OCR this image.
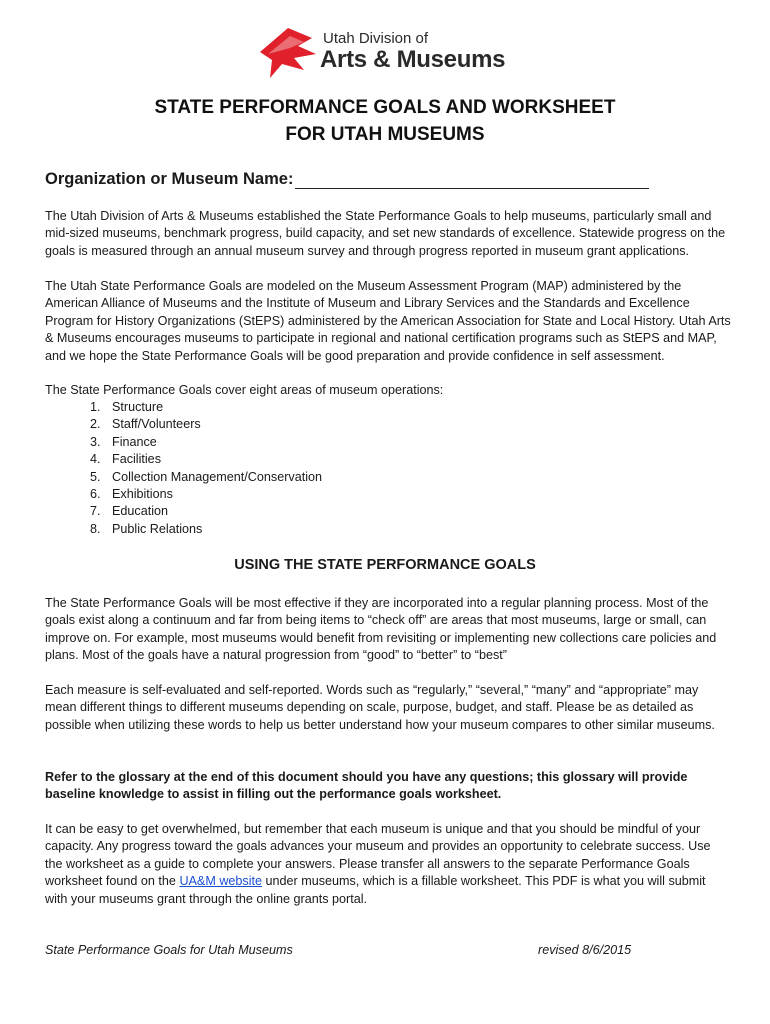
Utah Division of
Arts & Museums
STATE PERFORMANCE GOALS AND WORKSHEET
FOR UTAH MUSEUMS
Organization or Museum Name:
The Utah Division of Arts & Museums established the State Performance Goals to help museums, particularly small and mid-sized museums, benchmark progress, build capacity, and set new standards of excellence. Statewide progress on the goals is measured through an annual museum survey and through progress reported in museum grant applications.
The Utah State Performance Goals are modeled on the Museum Assessment Program (MAP) administered by the American Alliance of Museums and the Institute of Museum and Library Services and the Standards and Excellence Program for History Organizations (StEPS) administered by the American Association for State and Local History. Utah Arts & Museums encourages museums to participate in regional and national certification programs such as StEPS and MAP, and we hope the State Performance Goals will be good preparation and provide confidence in self assessment.
The State Performance Goals cover eight areas of museum operations:
1. Structure
2. Staff/Volunteers
3. Finance
4. Facilities
5. Collection Management/Conservation
6. Exhibitions
7. Education
8. Public Relations
USING THE STATE PERFORMANCE GOALS
The State Performance Goals will be most effective if they are incorporated into a regular planning process. Most of the goals exist along a continuum and far from being items to “check off” are areas that most museums, large or small, can improve on. For example, most museums would benefit from revisiting or implementing new collections care policies and plans. Most of the goals have a natural progression from “good” to “better” to “best”
Each measure is self-evaluated and self-reported. Words such as “regularly,” “several,” “many” and “appropriate” may mean different things to different museums depending on scale, purpose, budget, and staff. Please be as detailed as possible when utilizing these words to help us better understand how your museum compares to other similar museums.
Refer to the glossary at the end of this document should you have any questions; this glossary will provide baseline knowledge to assist in filling out the performance goals worksheet.
It can be easy to get overwhelmed, but remember that each museum is unique and that you should be mindful of your capacity. Any progress toward the goals advances your museum and provides an opportunity to celebrate success. Use the worksheet as a guide to complete your answers. Please transfer all answers to the separate Performance Goals worksheet found on the UA&M website under museums, which is a fillable worksheet. This PDF is what you will submit with your museums grant through the online grants portal.
State Performance Goals for Utah Museums	revised 8/6/2015
